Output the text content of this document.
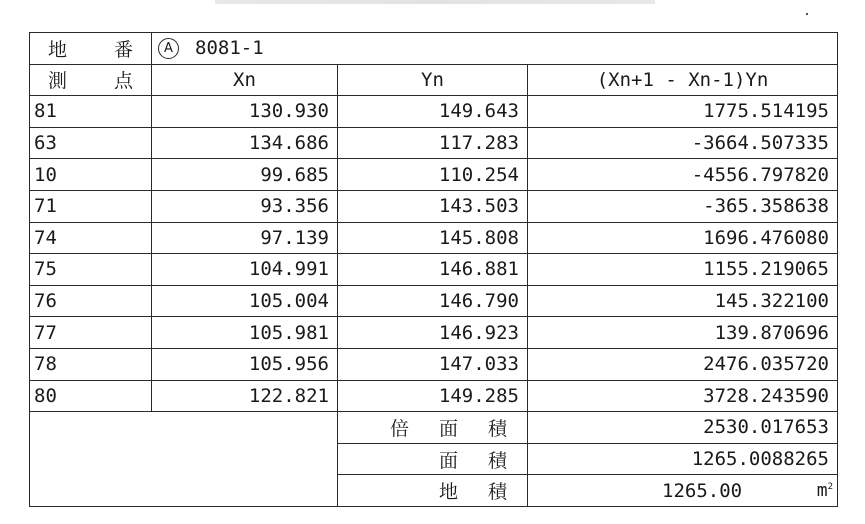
地 番	A 8081-1		

測 点	Xn	Yn	(Xn+1 - Xn-1)Yn
81	130.930	149.643	1775.514195
63	134.686	117.283	-3664.507335
10	99.685	110.254	-4556.797820
71	93.356	143.503	-365.358638
74	97.139	145.808	1696.476080
75	104.991	146.881	1155.219065
76	105.004	146.790	145.322100
77	105.981	146.923	139.870696
78	105.956	147.033	2476.035720
80	122.821	149.285	3728.243590

		倍 面 積	2530.017653

		面 積	1265.0088265

		地 積	1265.00 $m^2$
